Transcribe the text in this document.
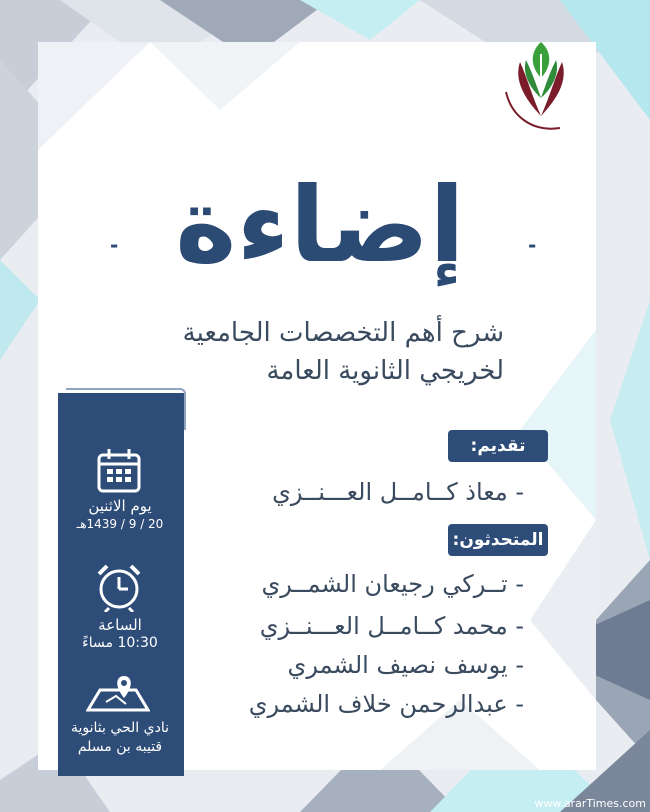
-	-
إضاءة
شرح أهم التخصصات الجامعية
لخريجي الثانوية العامة
يوم الاثنين
20 / 9 / 1439هـ
الساعة
10:30 مساءً
نادي الحي بثانوية
قتيبه بن مسلم
تقديم:
- معاذ كــامــل العـــنــزي
المتحدثون:
- تــركي رجيعان الشمــري
- محمد كــامــل العـــنــزي
- يوسف نصيف الشمري
- عبدالرحمن خلاف الشمري
www.ararTimes.com
